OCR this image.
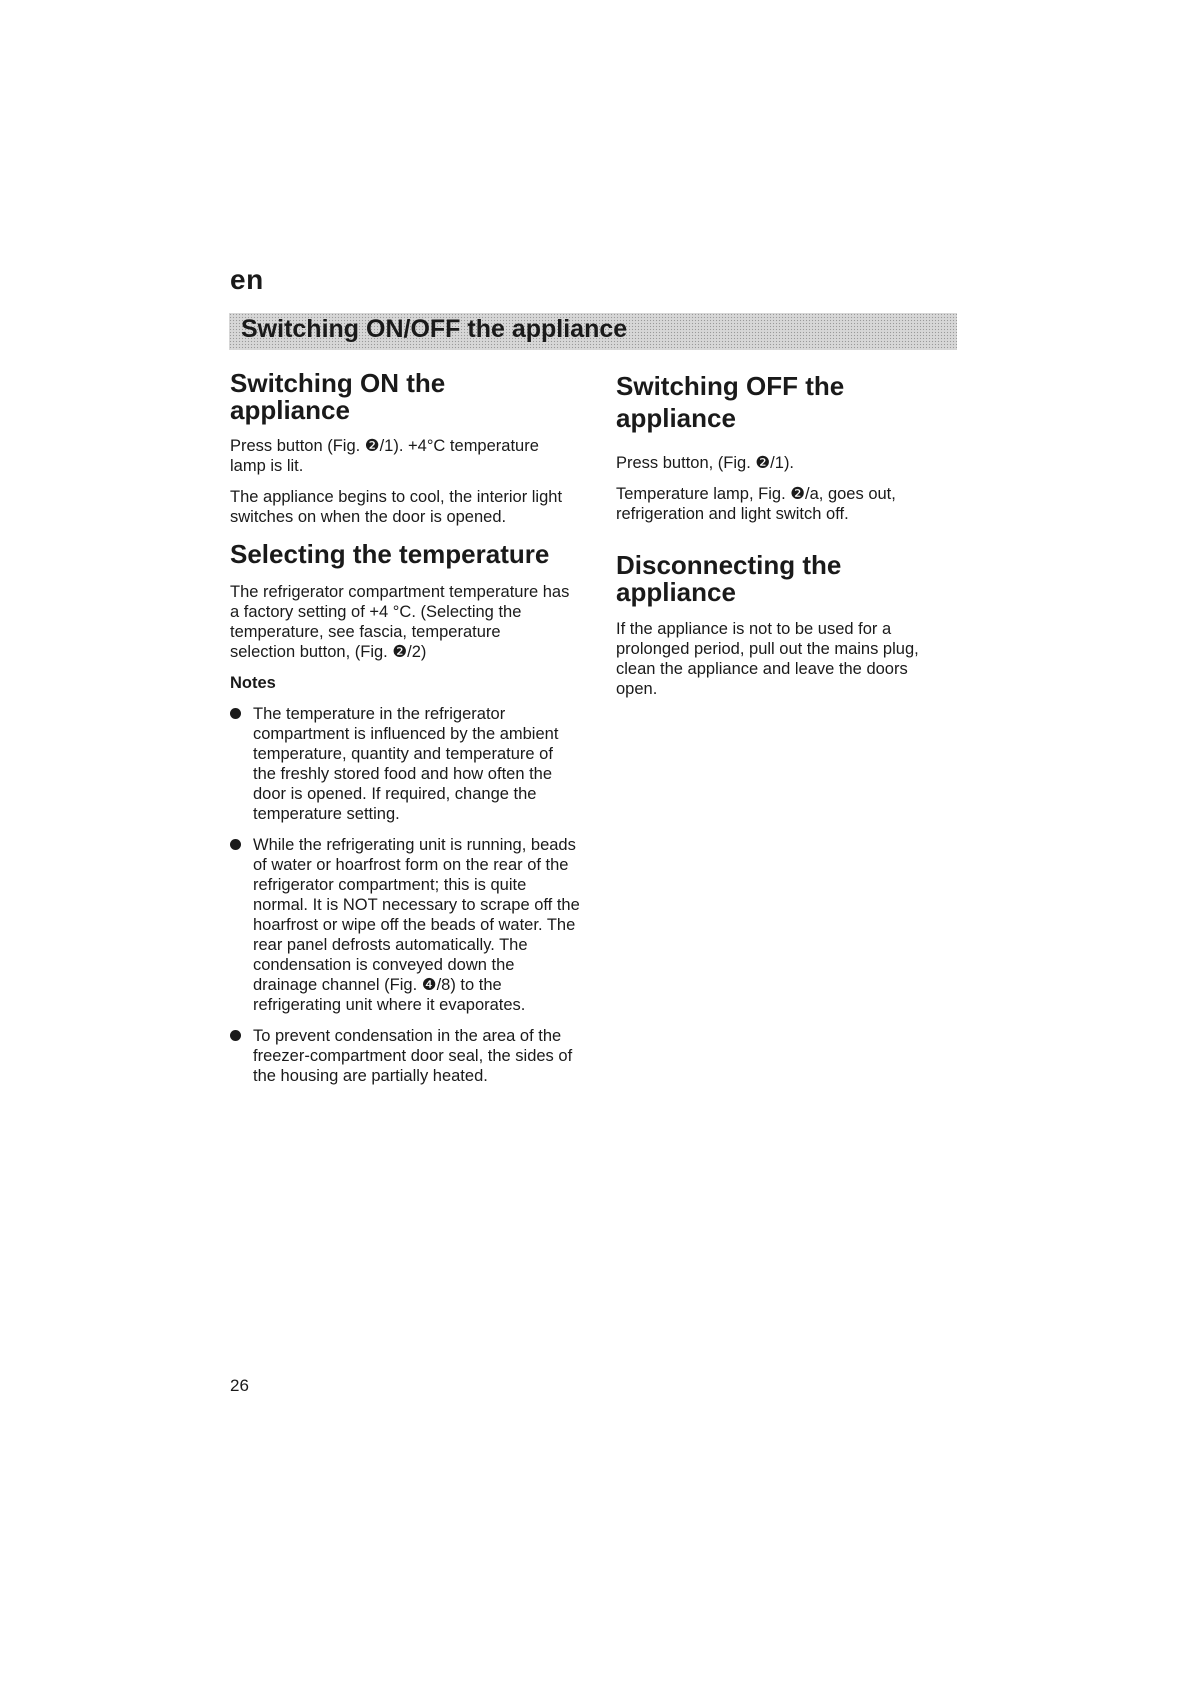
en
Switching ON/OFF the appliance
Switching ON the appliance

Press button (Fig. ❷/1). +4°C temperature lamp is lit.

The appliance begins to cool, the interior light switches on when the door is opened.

Selecting the temperature

The refrigerator compartment temperature has a factory setting of +4 °C. (Selecting the temperature, see fascia, temperature selection button, (Fig. ❷/2)

Notes
The temperature in the refrigerator compartment is influenced by the ambient temperature, quantity and temperature of the freshly stored food and how often the door is opened. If required, change the temperature setting.
While the refrigerating unit is running, beads of water or hoarfrost form on the rear of the refrigerator compartment; this is quite normal. It is NOT necessary to scrape off the hoarfrost or wipe off the beads of water. The rear panel defrosts automatically. The condensation is conveyed down the drainage channel (Fig. ❹/8) to the refrigerating unit where it evaporates.
To prevent condensation in the area of the freezer-compartment door seal, the sides of the housing are partially heated.
Switching OFF the appliance

Press button, (Fig. ❷/1).

Temperature lamp, Fig. ❷/a, goes out, refrigeration and light switch off.

Disconnecting the appliance

If the appliance is not to be used for a prolonged period, pull out the mains plug, clean the appliance and leave the doors open.

26
